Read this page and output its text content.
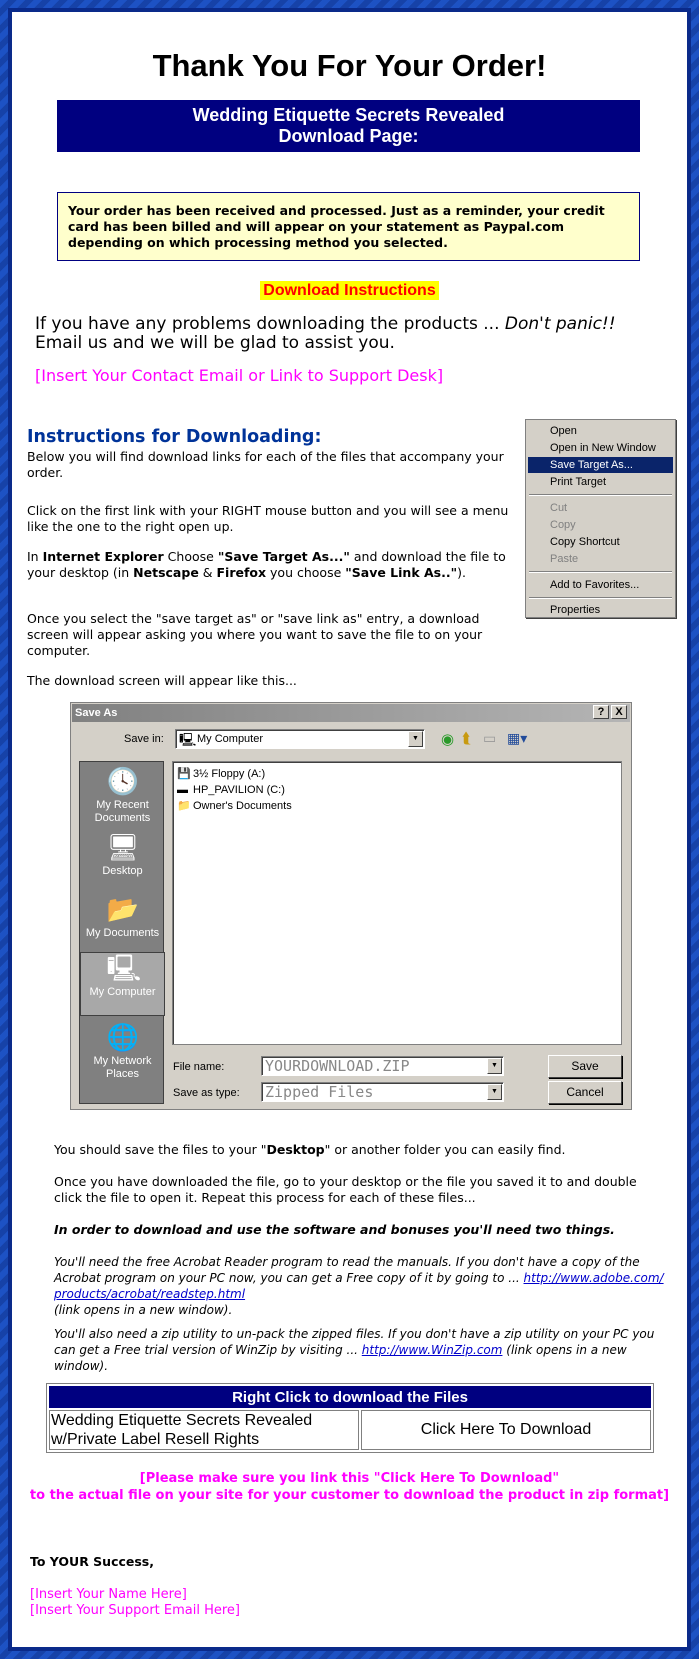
Thank You For Your Order!
Wedding Etiquette Secrets Revealed
Download Page:
Your order has been received and processed. Just as a reminder, your credit card has been billed and will appear on your statement as Paypal.com depending on which processing method you selected.
Download Instructions
If you have any problems downloading the products ... Don't panic!!
Email us and we will be glad to assist you.
[Insert Your Contact Email or Link to Support Desk]
Instructions for Downloading:
Below you will find download links for each of the files that accompany your order.
Click on the first link with your RIGHT mouse button and you will see a menu like the one to the right open up.
In Internet Explorer Choose "Save Target As..." and download the file to your desktop (in Netscape & Firefox you choose "Save Link As..").
Once you select the "save target as" or "save link as" entry, a download screen will appear asking you where you want to save the file to on your computer.
The download screen will appear like this...
Open
Open in New Window
Save Target As...
Print Target
Cut
Copy
Copy Shortcut
Paste
Add to Favorites...
Properties
Save As	? X
Save in: 🖳 My Computer	▼ ◉ ⮬ ▭ ▦▾
🕓
My Recent Documents
🖥
Desktop
📂
My Documents
🖳
My Computer
🌐
My Network Places
💾 3½ Floppy (A:)
▬ HP_PAVILION (C:)
📁 Owner's Documents
File name:	YOURDOWNLOAD.ZIP	▼
Save as type: Zipped Files	▼
Save
Cancel
You should save the files to your "Desktop" or another folder you can easily find.
Once you have downloaded the file, go to your desktop or the file you saved it to and double click the file to open it. Repeat this process for each of these files...
In order to download and use the software and bonuses you'll need two things.
You'll need the free Acrobat Reader program to read the manuals. If you don't have a copy of the Acrobat program on your PC now, you can get a Free copy of it by going to ... http://www.adobe.com/products/acrobat/readstep.html
(link opens in a new window).
You'll also need a zip utility to un-pack the zipped files. If you don't have a zip utility on your PC you can get a Free trial version of WinZip by visiting ... http://www.WinZip.com (link opens in a new window).
Right Click to download the Files

Wedding Etiquette Secrets Revealed
w/Private Label Resell Rights
	Click Here To Download
[Please make sure you link this "Click Here To Download"
to the actual file on your site for your customer to download the product in zip format]
To YOUR Success,
[Insert Your Name Here]
[Insert Your Support Email Here]
